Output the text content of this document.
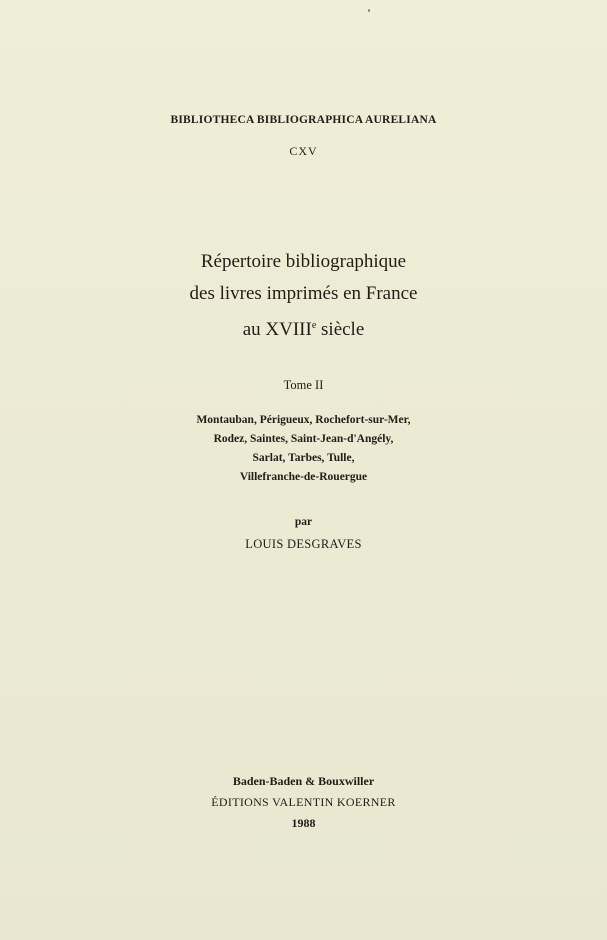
BIBLIOTHECA BIBLIOGRAPHICA AURELIANA
CXV
Répertoire bibliographique
des livres imprimés en France
au XVIIIe siècle
Tome II
Montauban, Périgueux, Rochefort-sur-Mer,
Rodez, Saintes, Saint-Jean-d'Angély,
Sarlat, Tarbes, Tulle,
Villefranche-de-Rouergue
par
LOUIS DESGRAVES
Baden-Baden & Bouxwiller
ÉDITIONS VALENTIN KOERNER
1988
